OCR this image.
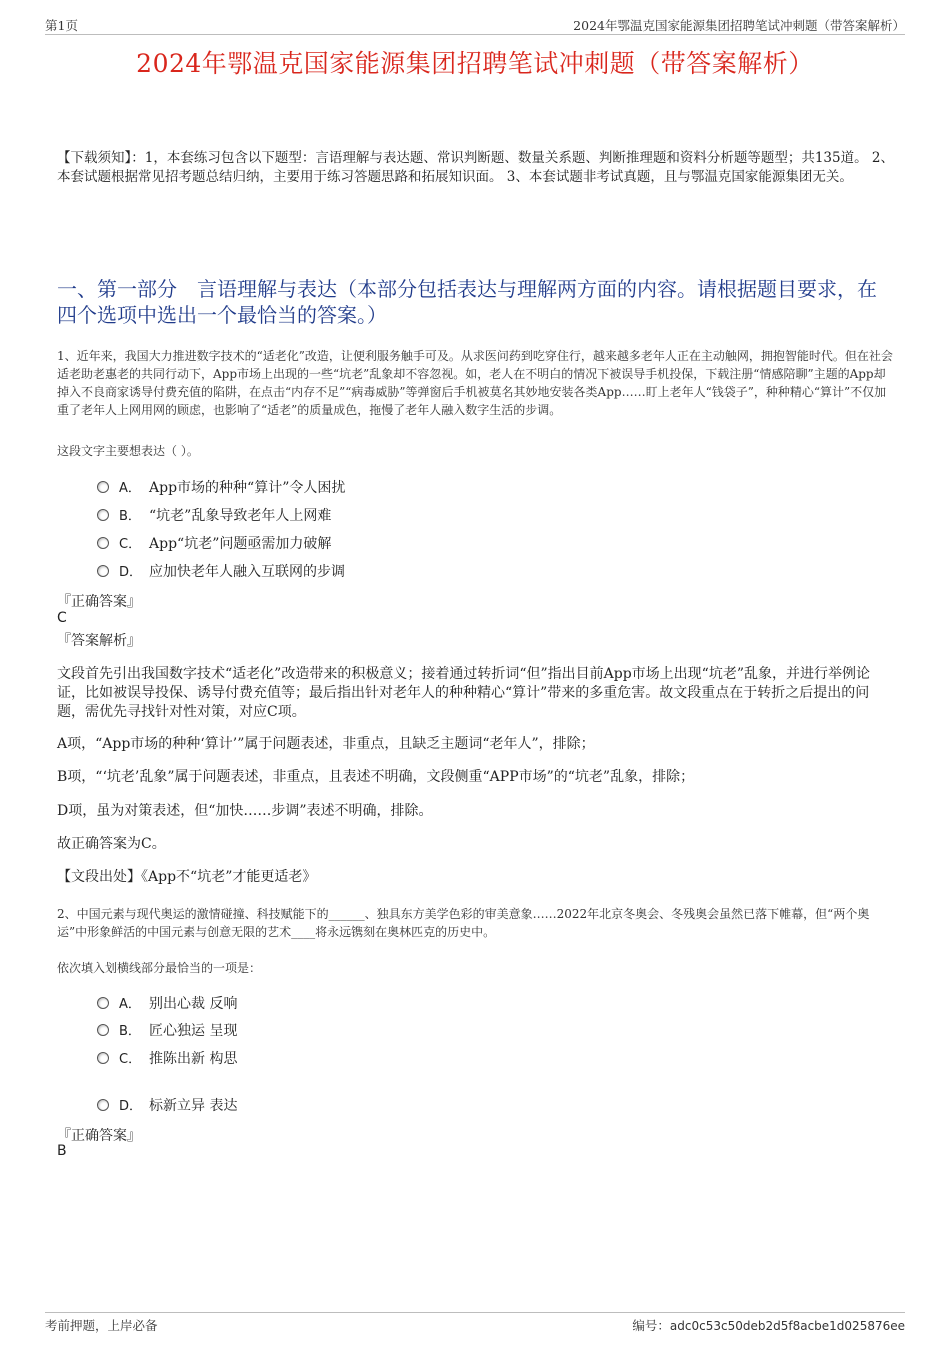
第1页	2024年鄂温克国家能源集团招聘笔试冲刺题（带答案解析）
2024年鄂温克国家能源集团招聘笔试冲刺题（带答案解析）
【下载须知】：1，本套练习包含以下题型：言语理解与表达题、常识判断题、数量关系题、判断推理题和资料分析题等题型；共135道。 2、本套试题根据常见招考题总结归纳，主要用于练习答题思路和拓展知识面。 3、本套试题非考试真题，且与鄂温克国家能源集团无关。
一、第一部分　言语理解与表达（本部分包括表达与理解两方面的内容。请根据题目要求，在四个选项中选出一个最恰当的答案。）
1、近年来，我国大力推进数字技术的“适老化”改造，让便利服务触手可及。从求医问药到吃穿住行，越来越多老年人正在主动触网，拥抱智能时代。但在社会适老助老惠老的共同行动下，App市场上出现的一些“坑老”乱象却不容忽视。如，老人在不明白的情况下被误导手机投保，下载注册“情感陪聊”主题的App却掉入不良商家诱导付费充值的陷阱，在点击“内存不足”“病毒威胁”等弹窗后手机被莫名其妙地安装各类App……盯上老年人“钱袋子”，种种精心“算计”不仅加重了老年人上网用网的顾虑，也影响了“适老”的质量成色，拖慢了老年人融入数字生活的步调。
这段文字主要想表达（ ）。
A． App市场的种种“算计”令人困扰
B． “坑老”乱象导致老年人上网难
C． App“坑老”问题亟需加力破解
D． 应加快老年人融入互联网的步调
『正确答案』
C
『答案解析』
文段首先引出我国数字技术“适老化”改造带来的积极意义；接着通过转折词“但”指出目前App市场上出现“坑老”乱象，并进行举例论证，比如被误导投保、诱导付费充值等；最后指出针对老年人的种种精心“算计”带来的多重危害。故文段重点在于转折之后提出的问题，需优先寻找针对性对策，对应C项。
A项，“App市场的种种‘算计’”属于问题表述，非重点，且缺乏主题词“老年人”，排除；
B项，“‘坑老’乱象”属于问题表述，非重点，且表述不明确，文段侧重“APP市场”的“坑老”乱象，排除；
D项，虽为对策表述，但“加快……步调”表述不明确，排除。
故正确答案为C。
【文段出处】《App不“坑老”才能更适老》
2、中国元素与现代奥运的激情碰撞、科技赋能下的______、独具东方美学色彩的审美意象……2022年北京冬奥会、冬残奥会虽然已落下帷幕，但“两个奥运”中形象鲜活的中国元素与创意无限的艺术____将永远镌刻在奥林匹克的历史中。
依次填入划横线部分最恰当的一项是：
A． 别出心裁 反响
B． 匠心独运 呈现
C． 推陈出新 构思
D． 标新立异 表达
『正确答案』
B
考前押题，上岸必备	编号：adc0c53c50deb2d5f8acbe1d025876ee
